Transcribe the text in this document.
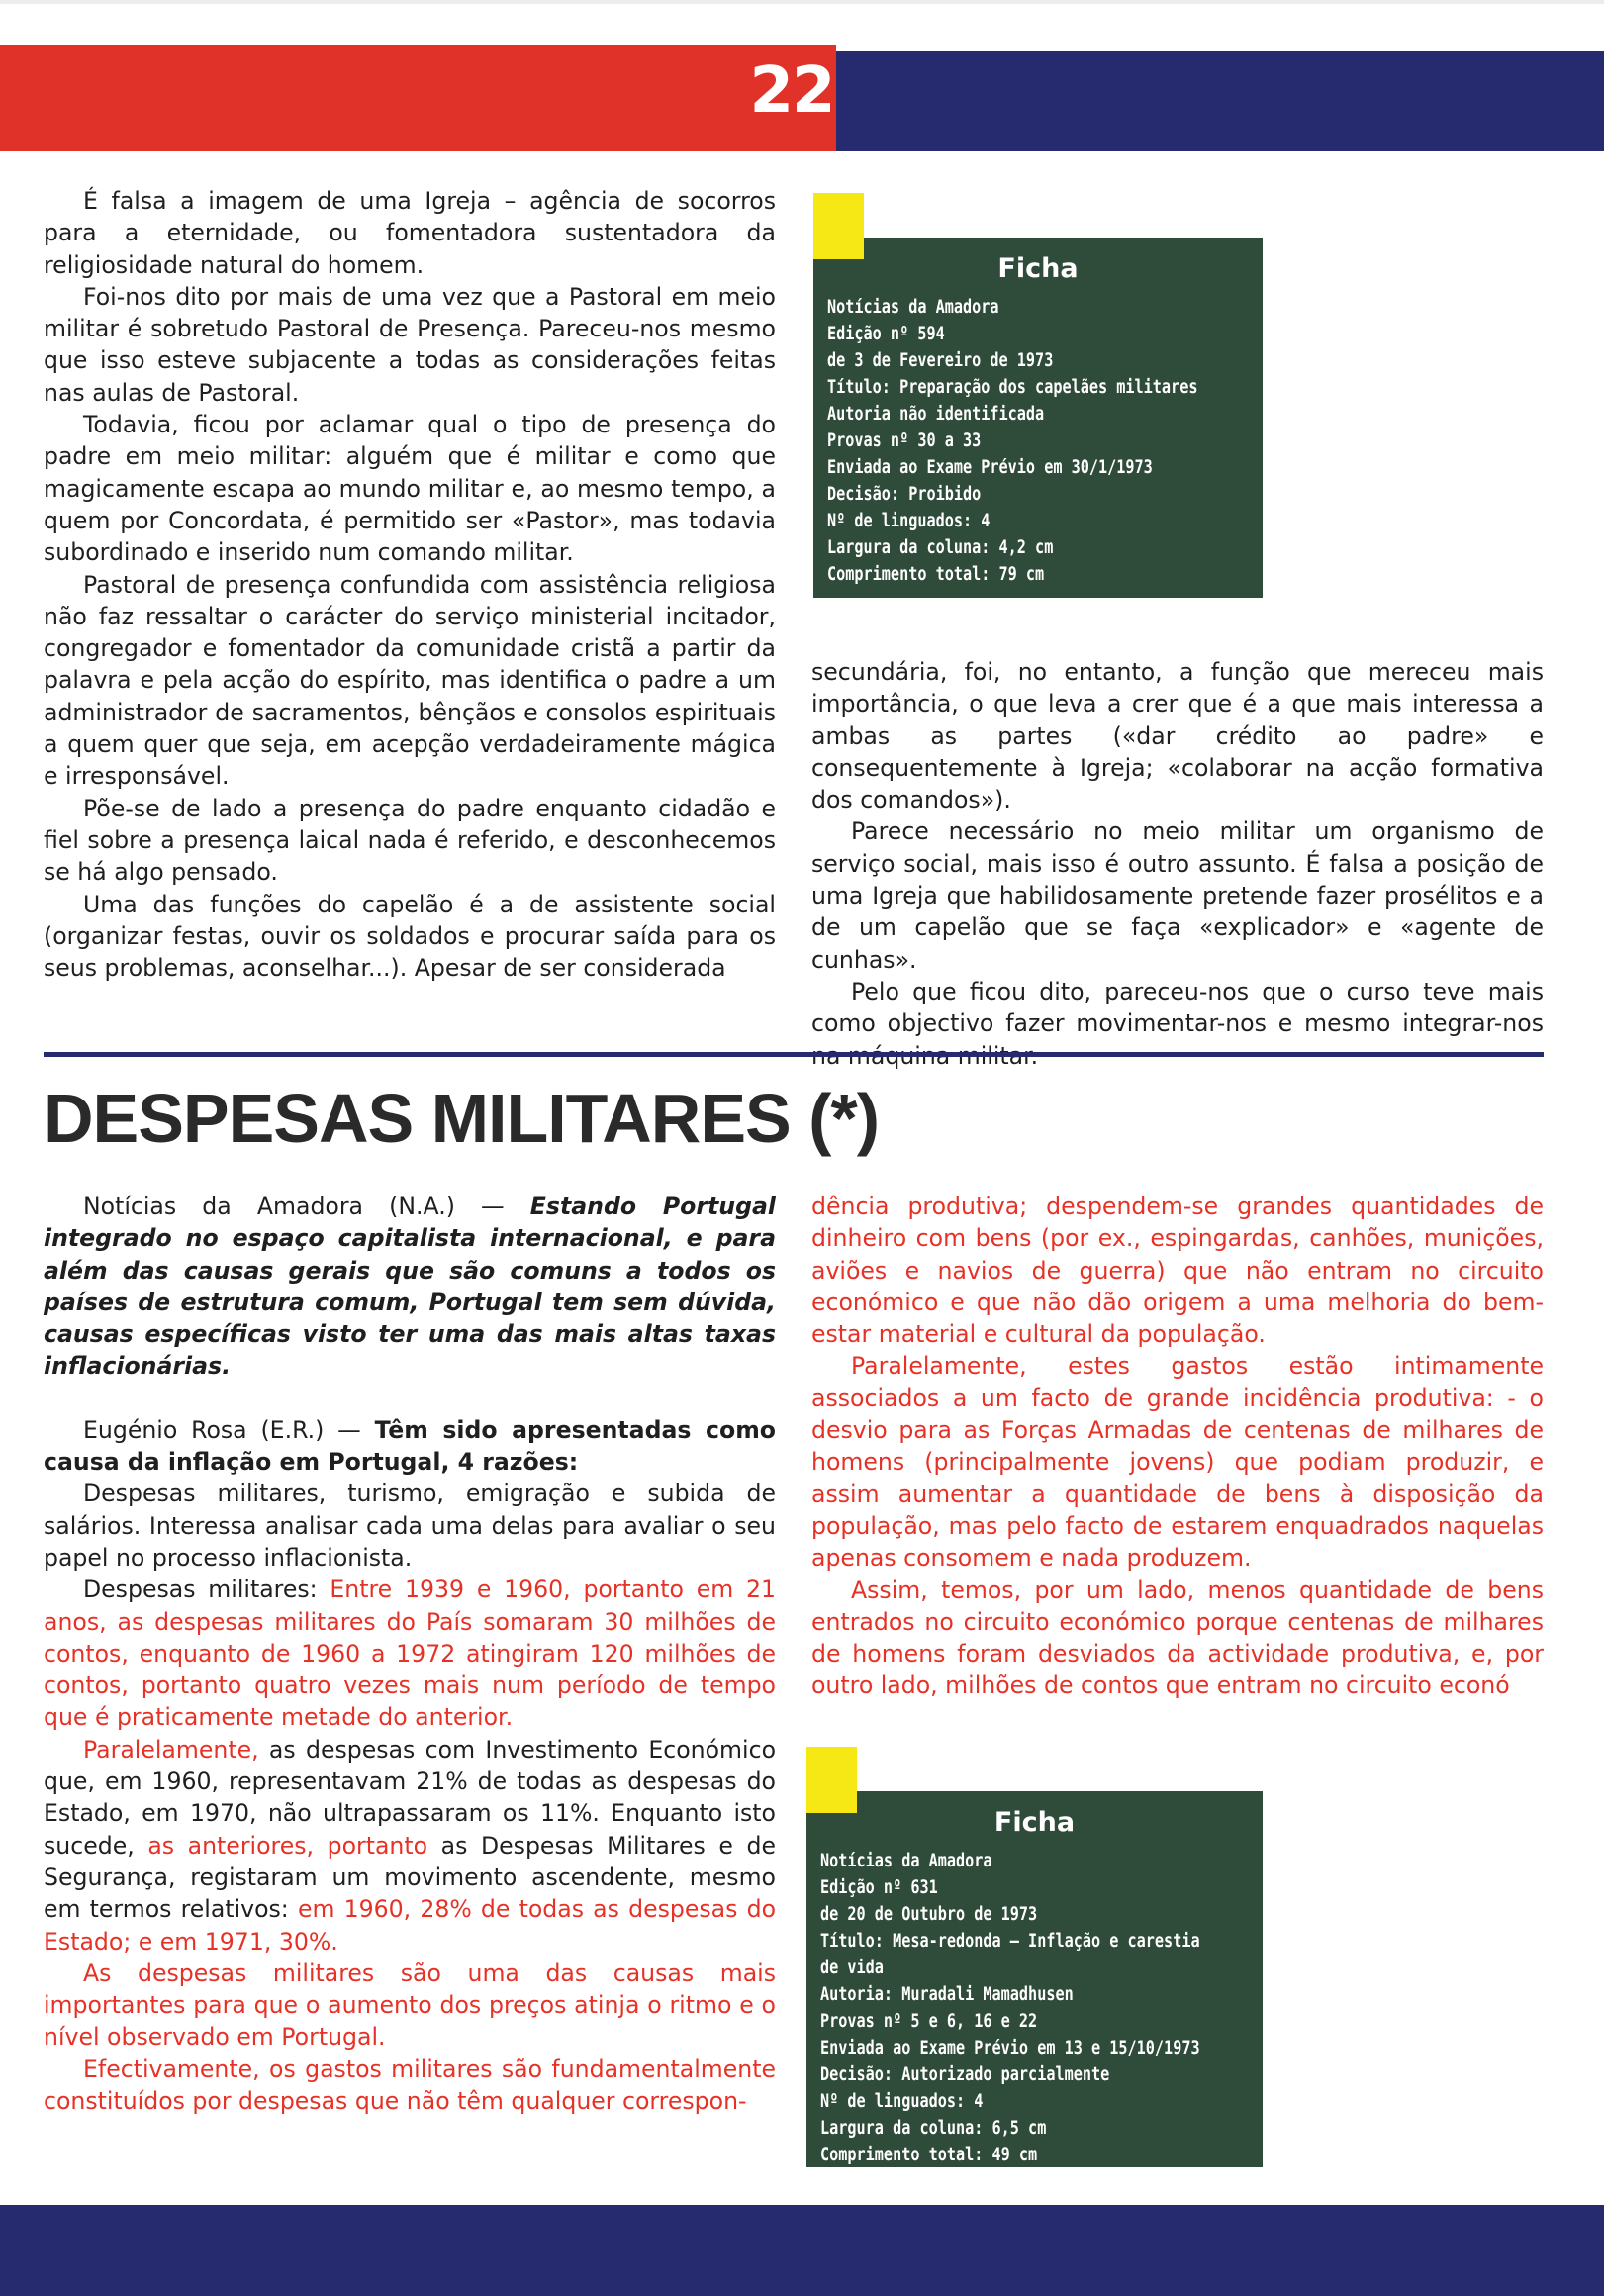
22

É falsa a imagem de uma Igreja – agência de socorros para a eternidade, ou fomentadora sustentadora da religiosidade natural do homem.

Foi-nos dito por mais de uma vez que a Pastoral em meio militar é sobretudo Pastoral de Presença. Pareceu-nos mesmo que isso esteve subjacente a todas as considerações feitas nas aulas de Pastoral.

Todavia, ficou por aclamar qual o tipo de presença do padre em meio militar: alguém que é militar e como que magicamente escapa ao mundo militar e, ao mesmo tempo, a quem por Concordata, é permitido ser «Pastor», mas todavia subordinado e inserido num comando militar.

Pastoral de presença confundida com assistência religiosa não faz ressaltar o carácter do serviço ministerial incitador, congregador e fomentador da comunidade cristã a partir da palavra e pela acção do espírito, mas identifica o padre a um administrador de sacramentos, bênçãos e consolos espirituais a quem quer que seja, em acepção verdadeiramente mágica e irresponsável.

Põe-se de lado a presença do padre enquanto cidadão e fiel sobre a presença laical nada é referido, e desconhecemos se há algo pensado.

Uma das funções do capelão é a de assistente social (organizar festas, ouvir os soldados e procurar saída para os seus problemas, aconselhar...). Apesar de ser considerada

Ficha
Notícias da Amadora
Edição nº 594
de 3 de Fevereiro de 1973
Título: Preparação dos capelães militares
Autoria não identificada
Provas nº 30 a 33
Enviada ao Exame Prévio em 30/1/1973
Decisão: Proibido
Nº de linguados: 4
Largura da coluna: 4,2 cm
Comprimento total: 79 cm

secundária, foi, no entanto, a função que mereceu mais importância, o que leva a crer que é a que mais interessa a ambas as partes («dar crédito ao padre» e consequentemente à Igreja; «colaborar na acção formativa dos comandos»).

Parece necessário no meio militar um organismo de serviço social, mais isso é outro assunto. É falsa a posição de uma Igreja que habilidosamente pretende fazer prosélitos e a de um capelão que se faça «explicador» e «agente de cunhas».

Pelo que ficou dito, pareceu-nos que o curso teve mais como objectivo fazer movimentar-nos e mesmo integrar-nos

DESPESAS MILITARES (*)

Notícias da Amadora (N.A.) — Estando Portugal integrado no espaço capitalista internacional, e para além das causas gerais que são comuns a todos os países de estrutura comum, Portugal tem sem dúvida, causas específicas visto ter uma das mais altas taxas inflacionárias.

Eugénio Rosa (E.R.) — Têm sido apresentadas como causa da inflação em Portugal, 4 razões:

Despesas militares, turismo, emigração e subida de salários. Interessa analisar cada uma delas para avaliar o seu papel no processo inflacionista.

Despesas militares: Entre 1939 e 1960, portanto em 21 anos, as despesas militares do País somaram 30 milhões de contos, enquanto de 1960 a 1972 atingiram 120 milhões de contos, portanto quatro vezes mais num período de tempo que é praticamente metade do anterior.

Paralelamente, as despesas com Investimento Económico que, em 1960, representavam 21% de todas as despesas do Estado, em 1970, não ultrapassaram os 11%. Enquanto isto sucede, as anteriores, portanto as Despesas Militares e de Segurança, registaram um movimento ascendente, mesmo em termos relativos: em 1960, 28% de todas as despesas do Estado; e em 1971, 30%.

As despesas militares são uma das causas mais importantes para que o aumento dos preços atinja o ritmo e o nível observado em Portugal.

Efectivamente, os gastos militares são fundamentalmente constituídos por despesas que não têm qualquer correspon-

dência produtiva; despendem-se grandes quantidades de dinheiro com bens (por ex., espingardas, canhões, munições, aviões e navios de guerra) que não entram no circuito económico e que não dão origem a uma melhoria do bem-estar material e cultural da população.

Paralelamente, estes gastos estão intimamente associados a um facto de grande incidência produtiva: - o desvio para as Forças Armadas de centenas de milhares de homens (principalmente jovens) que podiam produzir, e assim aumentar a quantidade de bens à disposição da população, mas pelo facto de estarem enquadrados naquelas apenas consomem e nada produzem.

Assim, temos, por um lado, menos quantidade de bens entrados no circuito económico porque centenas de milhares de homens foram desviados da actividade produtiva, e, por outro lado, milhões de contos que entram no circuito econó

Ficha
Notícias da Amadora
Edição nº 631
de 20 de Outubro de 1973
Título: Mesa-redonda – Inflação e carestia
de vida
Autoria: Muradali Mamadhusen
Provas nº 5 e 6, 16 e 22
Enviada ao Exame Prévio em 13 e 15/10/1973
Decisão: Autorizado parcialmente
Nº de linguados: 4
Largura da coluna: 6,5 cm
Comprimento total: 49 cm
